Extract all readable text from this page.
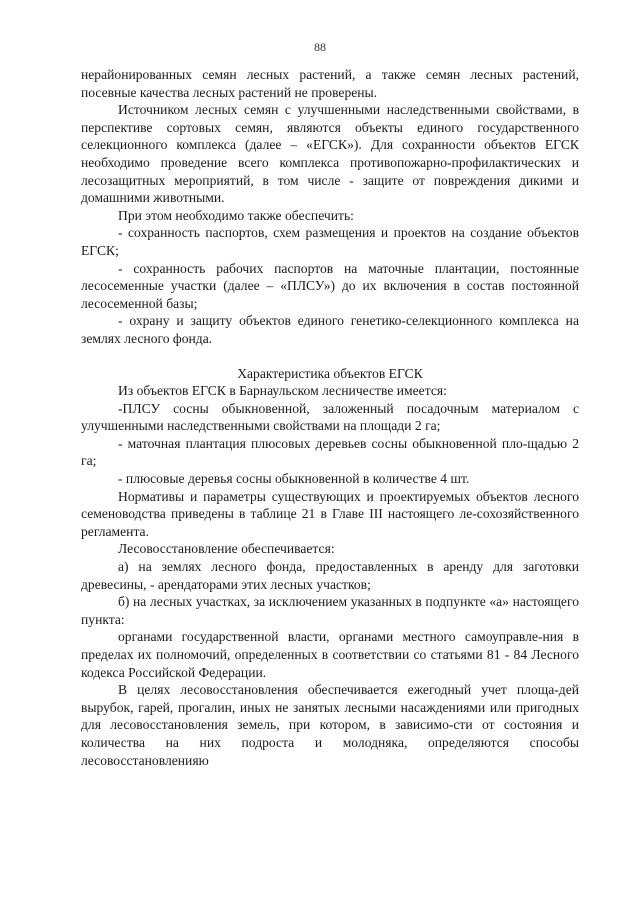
88

нерайонированных семян лесных растений, а также семян лесных растений, посевные качества лесных растений не проверены.

Источником лесных семян с улучшенными наследственными свойствами, в перспективе сортовых семян, являются объекты единого государственного селекционного комплекса (далее – «ЕГСК»). Для сохранности объектов ЕГСК необходимо проведение всего комплекса противопожарно-профилактических и лесозащитных мероприятий, в том числе - защите от повреждения дикими и домашними животными.

При этом необходимо также обеспечить:

- сохранность паспортов, схем размещения и проектов на создание объектов ЕГСК;

- сохранность рабочих паспортов на маточные плантации, постоянные лесосеменные участки (далее – «ПЛСУ») до их включения в состав постоянной лесосеменной базы;

- охрану и защиту объектов единого генетико-селекционного комплекса на землях лесного фонда.

Характеристика объектов ЕГСК

Из объектов ЕГСК в Барнаульском лесничестве имеется:

-ПЛСУ сосны обыкновенной, заложенный посадочным материалом с улучшенными наследственными свойствами на площади 2 га;

- маточная плантация плюсовых деревьев сосны обыкновенной пло-щадью 2 га;

- плюсовые деревья сосны обыкновенной в количестве 4 шт.

Нормативы и параметры существующих и проектируемых объектов лесного семеноводства приведены в таблице 21 в Главе III настоящего ле-сохозяйственного регламента.

Лесовосстановление обеспечивается:

а) на землях лесного фонда, предоставленных в аренду для заготовки древесины, - арендаторами этих лесных участков;

б) на лесных участках, за исключением указанных в подпункте «а» настоящего пункта:

органами государственной власти, органами местного самоуправле-ния в пределах их полномочий, определенных в соответствии со статьями 81 - 84 Лесного кодекса Российской Федерации.

В целях лесовосстановления обеспечивается ежегодный учет площа-дей вырубок, гарей, прогалин, иных не занятых лесными насаждениями или пригодных для лесовосстановления земель, при котором, в зависимо-сти от состояния и количества на них подроста и молодняка, определяются способы лесовосстановленияю
